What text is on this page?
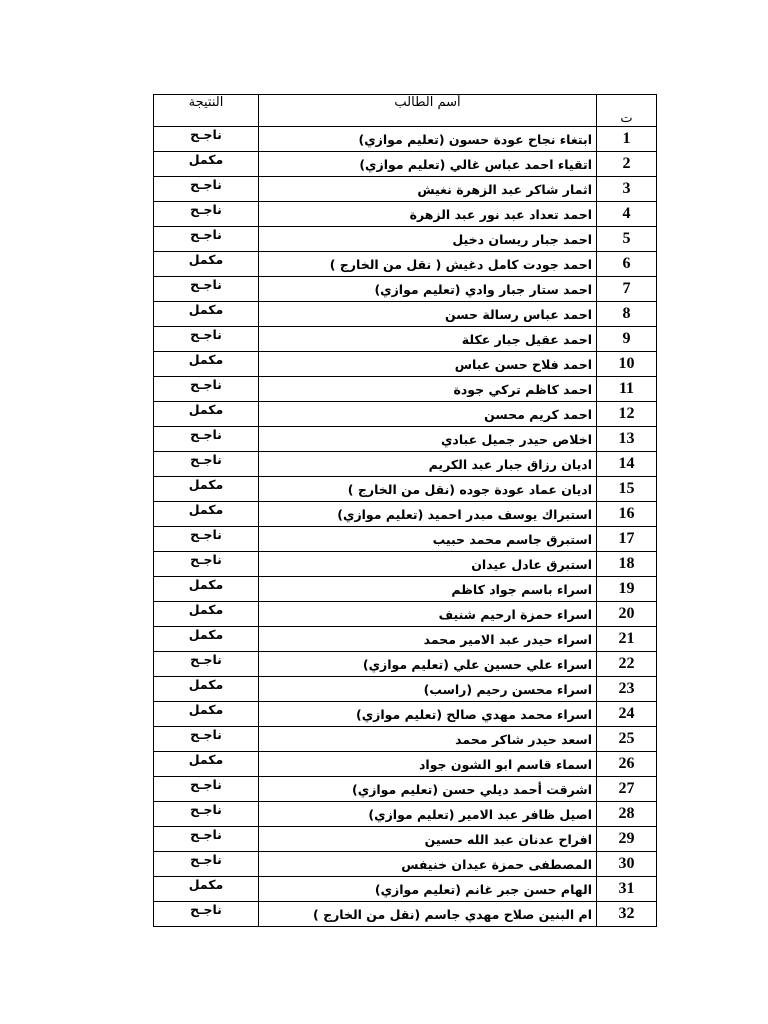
ت	أسم الطالب	النتيجة
1	ابتغاء نجاح عودة حسون (تعليم موازي)	ناجـح
2	اتقياء احمد عباس غالي (تعليم موازي)	مكمل
3	اثمار شاكر عبد الزهرة نغيش	ناجـح
4	احمد تعداد عبد نور عبد الزهرة	ناجـح
5	احمد جبار ريسان دخيل	ناجـح
6	احمد جودت كامل دغيش ( نقل من الخارج )	مكمل
7	احمد ستار جبار وادي (تعليم موازي)	ناجـح
8	احمد عباس رسالة حسن	مكمل
9	احمد عقيل جبار عكلة	ناجـح
10	احمد فلاح حسن عباس	مكمل
11	احمد كاظم تركي جودة	ناجـح
12	احمد كريم محسن	مكمل
13	اخلاص حيدر جميل عبادي	ناجـح
14	اديان رزاق جبار عبد الكريم	ناجـح
15	اديان عماد عودة جوده (نقل من الخارج )	مكمل
16	استبراك يوسف مبدر احميد (تعليم موازي)	مكمل
17	استبرق جاسم محمد حبيب	ناجـح
18	استبرق عادل عيدان	ناجـح
19	اسراء باسم جواد كاظم	مكمل
20	اسراء حمزة ارحيم شنيف	مكمل
21	اسراء حيدر عبد الامير محمد	مكمل
22	اسراء علي حسين علي (تعليم موازي)	ناجـح
23	اسراء محسن رحيم (راسب)	مكمل
24	اسراء محمد مهدي صالح (تعليم موازي)	مكمل
25	اسعد حيدر شاكر محمد	ناجـح
26	اسماء قاسم ابو الشون جواد	مكمل
27	اشرقت أحمد ديلي حسن (تعليم موازي)	ناجـح
28	اصيل ظافر عبد الامير (تعليم موازي)	ناجـح
29	افراح عدنان عبد الله حسين	ناجـح
30	المصطفى حمزة عيدان خنيفس	ناجـح
31	الهام حسن جبر غانم (تعليم موازي)	مكمل
32	ام البنين صلاح مهدي جاسم (نقل من الخارج )	ناجـح
